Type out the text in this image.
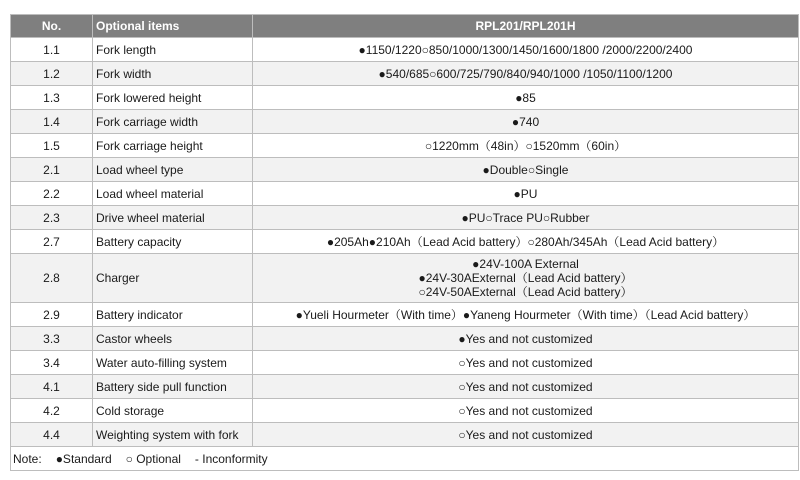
No.	Optional items	RPL201/RPL201H
1.1	Fork length	●1150/1220○850/1000/1300/1450/1600/1800 /2000/2200/2400
1.2	Fork width	●540/685○600/725/790/840/940/1000 /1050/1100/1200
1.3	Fork lowered height	●85
1.4	Fork carriage width	●740
1.5	Fork carriage height	○1220mm（48in）○1520mm（60in）
2.1	Load wheel type	●Double○Single
2.2	Load wheel material	●PU
2.3	Drive wheel material	●PU○Trace PU○Rubber
2.7	Battery capacity	●205Ah●210Ah（Lead Acid battery）○280Ah/345Ah（Lead Acid battery）
2.8	Charger	●24V-100A External
●24V-30AExternal（Lead Acid battery）
○24V-50AExternal（Lead Acid battery）
2.9	Battery indicator	●Yueli Hourmeter（With time）●Yaneng Hourmeter（With time）（Lead Acid battery）
3.3	Castor wheels	●Yes and not customized
3.4	Water auto-filling system	○Yes and not customized
4.1	Battery side pull function	○Yes and not customized
4.2	Cold storage	○Yes and not customized
4.4	Weighting system with fork	○Yes and not customized
Note: ●Standard ○ Optional - Inconformity		
